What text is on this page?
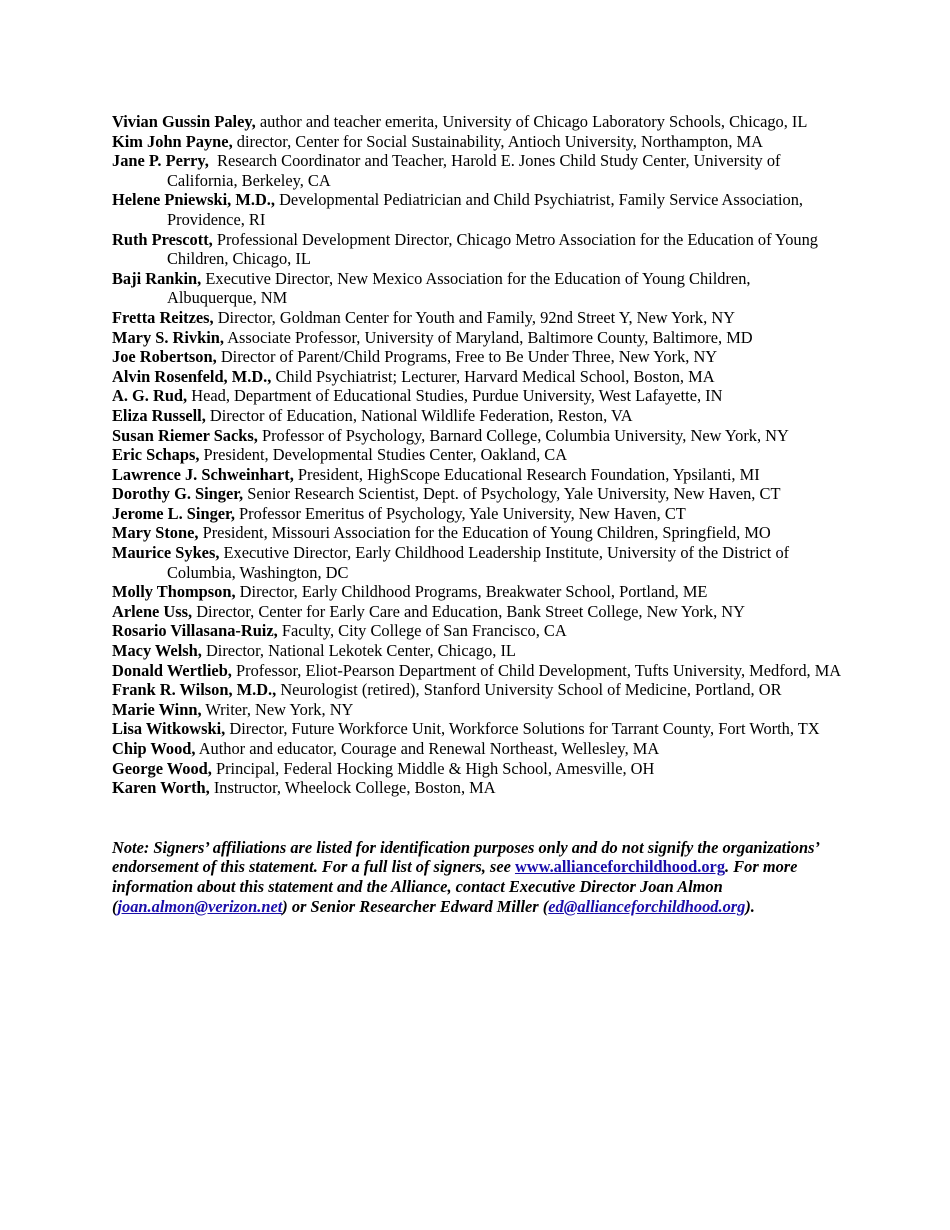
Vivian Gussin Paley, author and teacher emerita, University of Chicago Laboratory Schools, Chicago, IL
Kim John Payne, director, Center for Social Sustainability, Antioch University, Northampton, MA
Jane P. Perry,  Research Coordinator and Teacher, Harold E. Jones Child Study Center, University of California, Berkeley, CA
Helene Pniewski, M.D., Developmental Pediatrician and Child Psychiatrist, Family Service Association, Providence, RI
Ruth Prescott, Professional Development Director, Chicago Metro Association for the Education of Young Children, Chicago, IL
Baji Rankin, Executive Director, New Mexico Association for the Education of Young Children, Albuquerque, NM
Fretta Reitzes, Director, Goldman Center for Youth and Family, 92nd Street Y, New York, NY
Mary S. Rivkin, Associate Professor, University of Maryland, Baltimore County, Baltimore, MD
Joe Robertson, Director of Parent/Child Programs, Free to Be Under Three, New York, NY
Alvin Rosenfeld, M.D., Child Psychiatrist; Lecturer, Harvard Medical School, Boston, MA
A. G. Rud, Head, Department of Educational Studies, Purdue University, West Lafayette, IN
Eliza Russell, Director of Education, National Wildlife Federation, Reston, VA
Susan Riemer Sacks, Professor of Psychology, Barnard College, Columbia University, New York, NY
Eric Schaps, President, Developmental Studies Center, Oakland, CA
Lawrence J. Schweinhart, President, HighScope Educational Research Foundation, Ypsilanti, MI
Dorothy G. Singer, Senior Research Scientist, Dept. of Psychology, Yale University, New Haven, CT
Jerome L. Singer, Professor Emeritus of Psychology, Yale University, New Haven, CT
Mary Stone, President, Missouri Association for the Education of Young Children, Springfield, MO
Maurice Sykes, Executive Director, Early Childhood Leadership Institute, University of the District of Columbia, Washington, DC
Molly Thompson, Director, Early Childhood Programs, Breakwater School, Portland, ME
Arlene Uss, Director, Center for Early Care and Education, Bank Street College, New York, NY
Rosario Villasana-Ruiz, Faculty, City College of San Francisco, CA
Macy Welsh, Director, National Lekotek Center, Chicago, IL
Donald Wertlieb, Professor, Eliot-Pearson Department of Child Development, Tufts University, Medford, MA
Frank R. Wilson, M.D., Neurologist (retired), Stanford University School of Medicine, Portland, OR
Marie Winn, Writer, New York, NY
Lisa Witkowski, Director, Future Workforce Unit, Workforce Solutions for Tarrant County, Fort Worth, TX
Chip Wood, Author and educator, Courage and Renewal Northeast, Wellesley, MA
George Wood, Principal, Federal Hocking Middle & High School, Amesville, OH
Karen Worth, Instructor, Wheelock College, Boston, MA
Note: Signers’ affiliations are listed for identification purposes only and do not signify the organizations’ endorsement of this statement. For a full list of signers, see www.allianceforchildhood.org. For more information about this statement and the Alliance, contact Executive Director Joan Almon (joan.almon@verizon.net) or Senior Researcher Edward Miller (ed@allianceforchildhood.org).
